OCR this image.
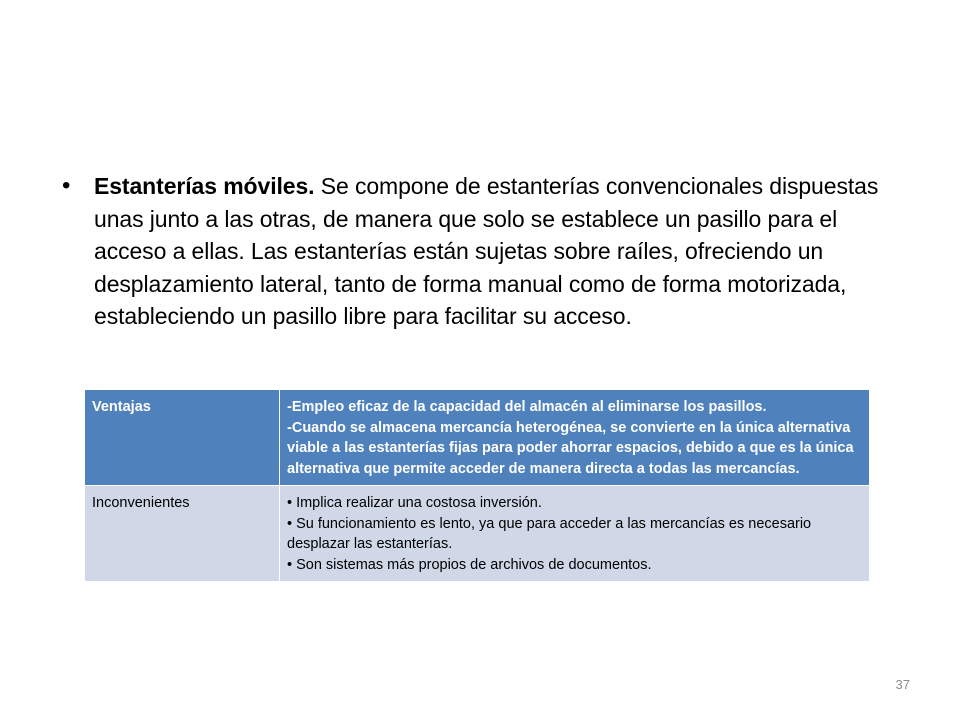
•	Estanterías móviles. Se compone de estanterías convencionales dispuestas unas junto a las otras, de manera que solo se establece un pasillo para el acceso a ellas. Las estanterías están sujetas sobre raíles, ofreciendo un desplazamiento lateral, tanto de forma manual como de forma motorizada, estableciendo un pasillo libre para facilitar su acceso.
Ventajas	- Empleo eficaz de la capacidad del almacén al eliminarse los pasillos.
- Cuando se almacena mercancía heterogénea, se convierte en la única alternativa viable a las estanterías fijas para poder ahorrar espacios, debido a que es la única alternativa que permite acceder de manera directa a todas las mercancías.

Inconvenientes	• Implica realizar una costosa inversión.
• Su funcionamiento es lento, ya que para acceder a las mercancías es necesario desplazar las estanterías.
• Son sistemas más propios de archivos de documentos.
37
